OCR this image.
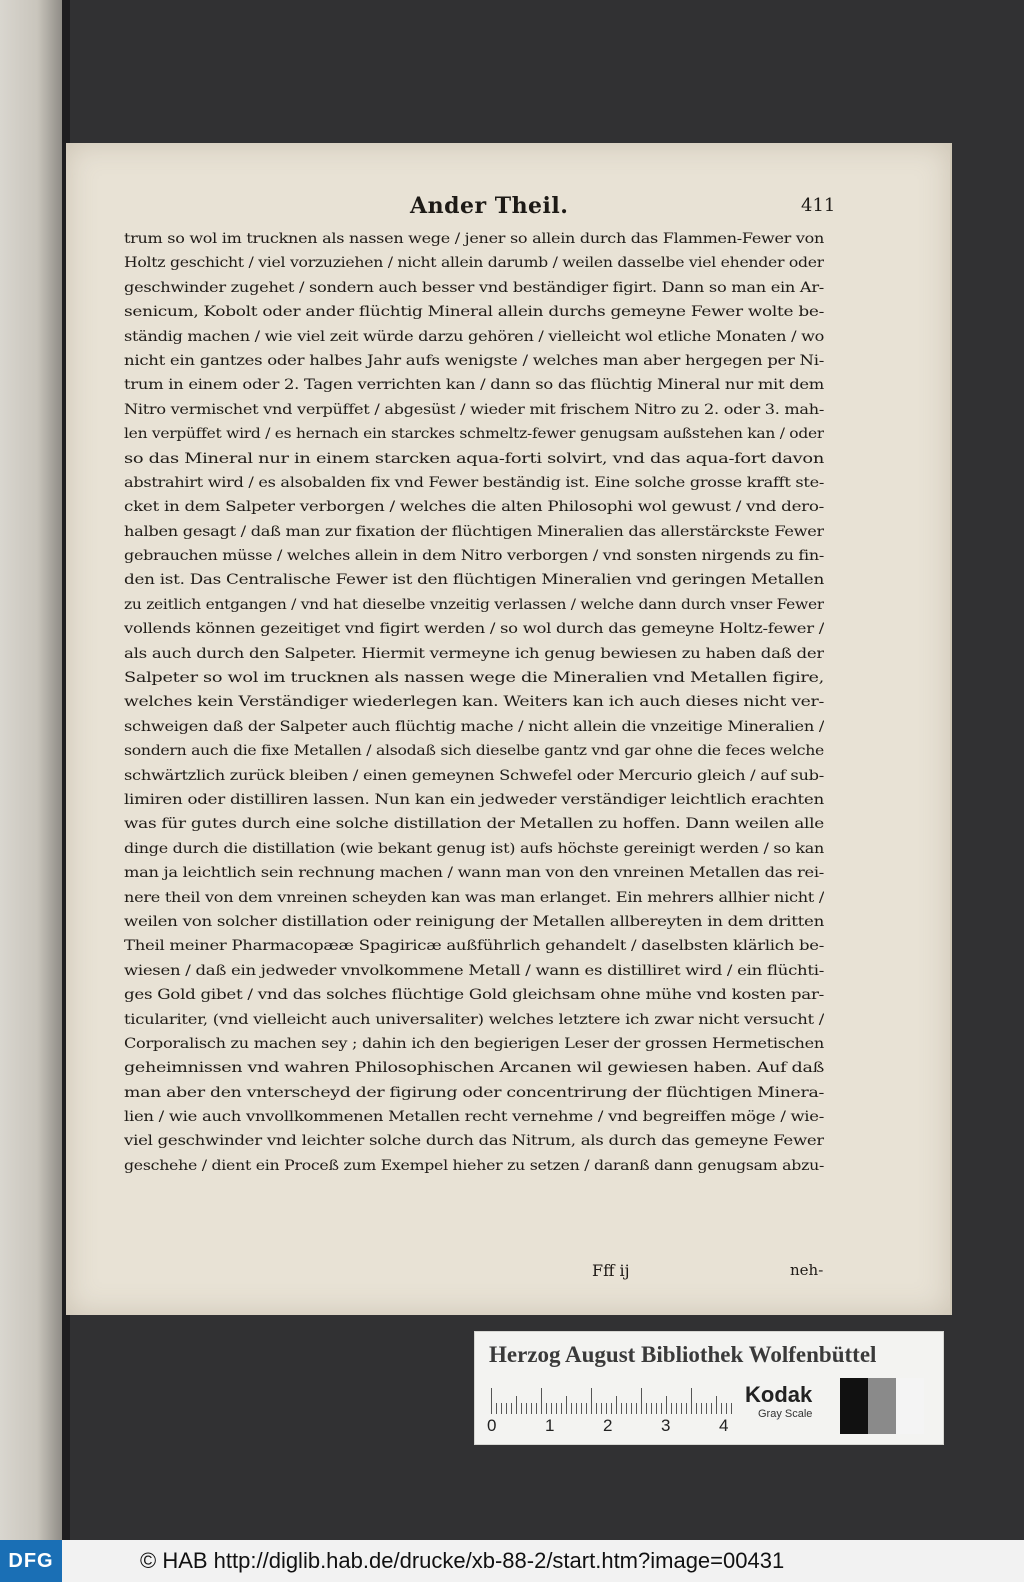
Ander Theil.	411
trum so wol im trucknen als nassen wege / jener so allein durch das Flammen-Fewer von
Holtz geschicht / viel vorzuziehen / nicht allein darumb / weilen dasselbe viel ehender oder
geschwinder zugehet / sondern auch besser vnd beständiger figirt. Dann so man ein Ar-
senicum, Kobolt oder ander flüchtig Mineral allein durchs gemeyne Fewer wolte be-
ständig machen / wie viel zeit würde darzu gehören / vielleicht wol etliche Monaten / wo
nicht ein gantzes oder halbes Jahr aufs wenigste / welches man aber hergegen per Ni-
trum in einem oder 2. Tagen verrichten kan / dann so das flüchtig Mineral nur mit dem
Nitro vermischet vnd verpüffet / abgesüst / wieder mit frischem Nitro zu 2. oder 3. mah-
len verpüffet wird / es hernach ein starckes schmeltz-fewer genugsam außstehen kan / oder
so das Mineral nur in einem starcken aqua-forti solvirt, vnd das aqua-fort davon
abstrahirt wird / es alsobalden fix vnd Fewer beständig ist. Eine solche grosse krafft ste-
cket in dem Salpeter verborgen / welches die alten Philosophi wol gewust / vnd dero-
halben gesagt / daß man zur fixation der flüchtigen Mineralien das allerstärckste Fewer
gebrauchen müsse / welches allein in dem Nitro verborgen / vnd sonsten nirgends zu fin-
den ist. Das Centralische Fewer ist den flüchtigen Mineralien vnd geringen Metallen
zu zeitlich entgangen / vnd hat dieselbe vnzeitig verlassen / welche dann durch vnser Fewer
vollends können gezeitiget vnd figirt werden / so wol durch das gemeyne Holtz-fewer /
als auch durch den Salpeter. Hiermit vermeyne ich genug bewiesen zu haben daß der
Salpeter so wol im trucknen als nassen wege die Mineralien vnd Metallen figire,
welches kein Verständiger wiederlegen kan. Weiters kan ich auch dieses nicht ver-
schweigen daß der Salpeter auch flüchtig mache / nicht allein die vnzeitige Mineralien /
sondern auch die fixe Metallen / alsodaß sich dieselbe gantz vnd gar ohne die feces welche
schwärtzlich zurück bleiben / einen gemeynen Schwefel oder Mercurio gleich / auf sub-
limiren oder distilliren lassen. Nun kan ein jedweder verständiger leichtlich erachten
was für gutes durch eine solche distillation der Metallen zu hoffen. Dann weilen alle
dinge durch die distillation (wie bekant genug ist) aufs höchste gereinigt werden / so kan
man ja leichtlich sein rechnung machen / wann man von den vnreinen Metallen das rei-
nere theil von dem vnreinen scheyden kan was man erlanget. Ein mehrers allhier nicht /
weilen von solcher distillation oder reinigung der Metallen allbereyten in dem dritten
Theil meiner Pharmacopææ Spagiricæ außführlich gehandelt / daselbsten klärlich be-
wiesen / daß ein jedweder vnvolkommene Metall / wann es distilliret wird / ein flüchti-
ges Gold gibet / vnd das solches flüchtige Gold gleichsam ohne mühe vnd kosten par-
ticulariter, (vnd vielleicht auch universaliter) welches letztere ich zwar nicht versucht /
Corporalisch zu machen sey ; dahin ich den begierigen Leser der grossen Hermetischen
geheimnissen vnd wahren Philosophischen Arcanen wil gewiesen haben. Auf daß
man aber den vnterscheyd der figirung oder concentrirung der flüchtigen Minera-
lien / wie auch vnvollkommenen Metallen recht vernehme / vnd begreiffen möge / wie-
viel geschwinder vnd leichter solche durch das Nitrum, als durch das gemeyne Fewer
geschehe / dient ein Proceß zum Exempel hieher zu setzen / daranß dann genugsam abzu-
Fff ij	neh-
Herzog August Bibliothek Wolfenbüttel
0	1	2	3	4
Kodak
Gray Scale
DFG	© HAB http://diglib.hab.de/drucke/xb-88-2/start.htm?image=00431
